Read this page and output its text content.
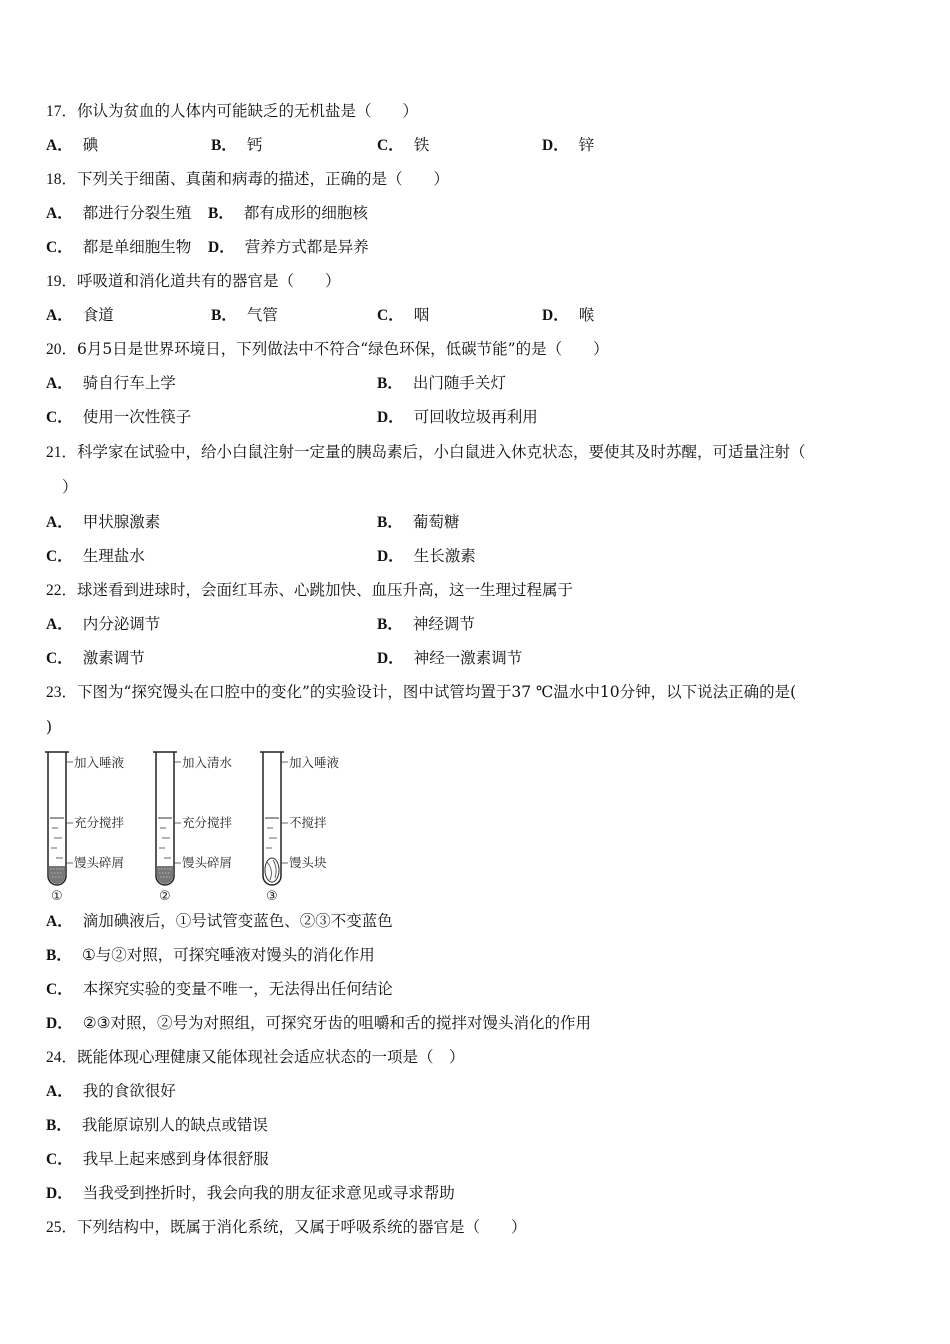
17．你认为贫血的人体内可能缺乏的无机盐是（　　）
A． 碘	B． 钙	C． 铁	D． 锌
18．下列关于细菌、真菌和病毒的描述，正确的是（　　）
A． 都进行分裂生殖 B． 都有成形的细胞核
C． 都是单细胞生物 D． 营养方式都是异养
19．呼吸道和消化道共有的器官是（　　）
A． 食道	B． 气管	C． 咽	D． 喉
20．6月5日是世界环境日，下列做法中不符合“绿色环保，低碳节能”的是（　　）
A． 骑自行车上学	B． 出门随手关灯
C． 使用一次性筷子	D． 可回收垃圾再利用
21．科学家在试验中，给小白鼠注射一定量的胰岛素后，小白鼠进入休克状态，要使其及时苏醒，可适量注射（
）
A． 甲状腺激素	B． 葡萄糖
C． 生理盐水	D． 生长激素
22．球迷看到进球时，会面红耳赤、心跳加快、血压升高，这一生理过程属于
A． 内分泌调节	B． 神经调节
C． 激素调节	D． 神经一激素调节
23．下图为“探究馒头在口腔中的变化”的实验设计，图中试管均置于37 ℃温水中10分钟，以下说法正确的是(
)
加入唾液
充分搅拌
馒头碎屑
①
加入清水
充分搅拌
馒头碎屑
②
加入唾液
不搅拌
馒头块
③
A． 滴加碘液后，①号试管变蓝色、②③不变蓝色
B． ①与②对照，可探究唾液对馒头的消化作用
C． 本探究实验的变量不唯一，无法得出任何结论
D． ②③对照，②号为对照组，可探究牙齿的咀嚼和舌的搅拌对馒头消化的作用
24．既能体现心理健康又能体现社会适应状态的一项是（　）
A． 我的食欲很好
B． 我能原谅别人的缺点或错误
C． 我早上起来感到身体很舒服
D． 当我受到挫折时，我会向我的朋友征求意见或寻求帮助
25．下列结构中，既属于消化系统，又属于呼吸系统的器官是（　　）
